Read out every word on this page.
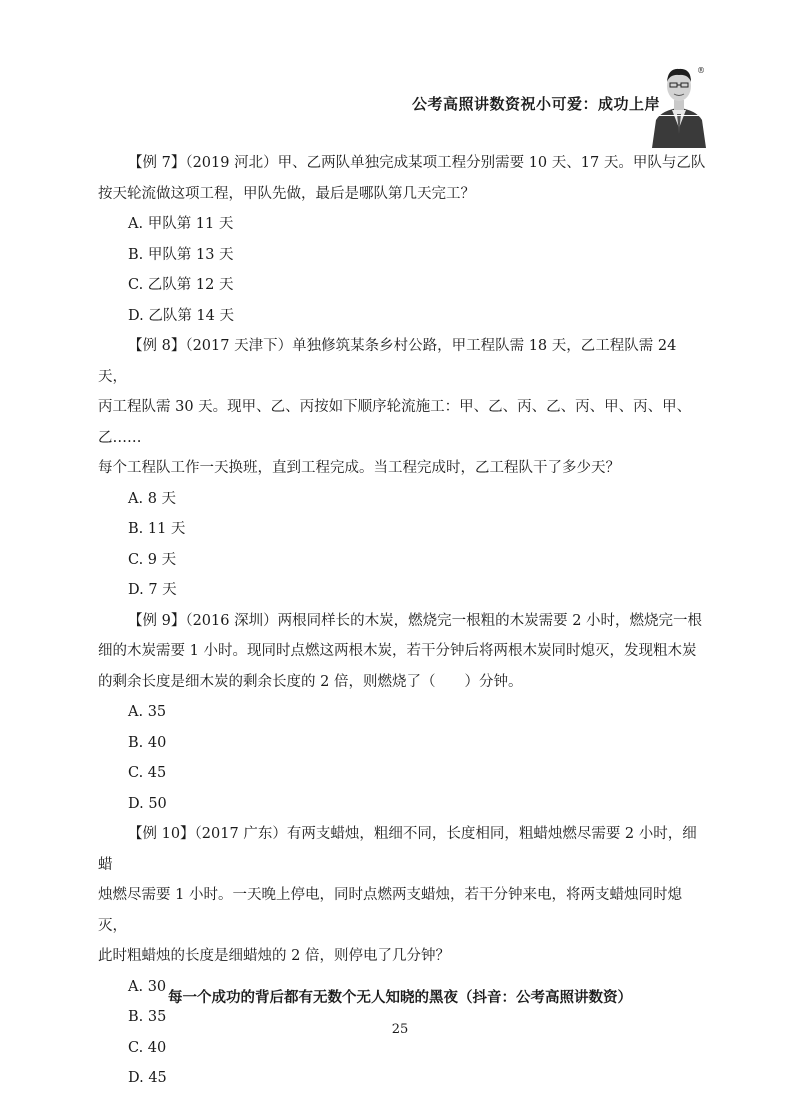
®
公考高照讲数资祝小可爱：成功上岸

【例 7】（2019 河北）甲、乙两队单独完成某项工程分别需要 10 天、17 天。甲队与乙队
按天轮流做这项工程，甲队先做，最后是哪队第几天完工？

A. 甲队第 11 天

B. 甲队第 13 天

C. 乙队第 12 天

D. 乙队第 14 天

【例 8】（2017 天津下）单独修筑某条乡村公路，甲工程队需 18 天，乙工程队需 24 天，
丙工程队需 30 天。现甲、乙、丙按如下顺序轮流施工：甲、乙、丙、乙、丙、甲、丙、甲、乙……
每个工程队工作一天换班，直到工程完成。当工程完成时，乙工程队干了多少天？

A. 8 天

B. 11 天

C. 9 天

D. 7 天

【例 9】（2016 深圳）两根同样长的木炭，燃烧完一根粗的木炭需要 2 小时，燃烧完一根
细的木炭需要 1 小时。现同时点燃这两根木炭，若干分钟后将两根木炭同时熄灭，发现粗木炭
的剩余长度是细木炭的剩余长度的 2 倍，则燃烧了（　　）分钟。

A. 35

B. 40

C. 45

D. 50

【例 10】（2017 广东）有两支蜡烛，粗细不同，长度相同，粗蜡烛燃尽需要 2 小时，细蜡
烛燃尽需要 1 小时。一天晚上停电，同时点燃两支蜡烛，若干分钟来电，将两支蜡烛同时熄灭，
此时粗蜡烛的长度是细蜡烛的 2 倍，则停电了几分钟？

A. 30

B. 35

C. 40

D. 45

每一个成功的背后都有无数个无人知晓的黑夜（抖音：公考高照讲数资）
25
